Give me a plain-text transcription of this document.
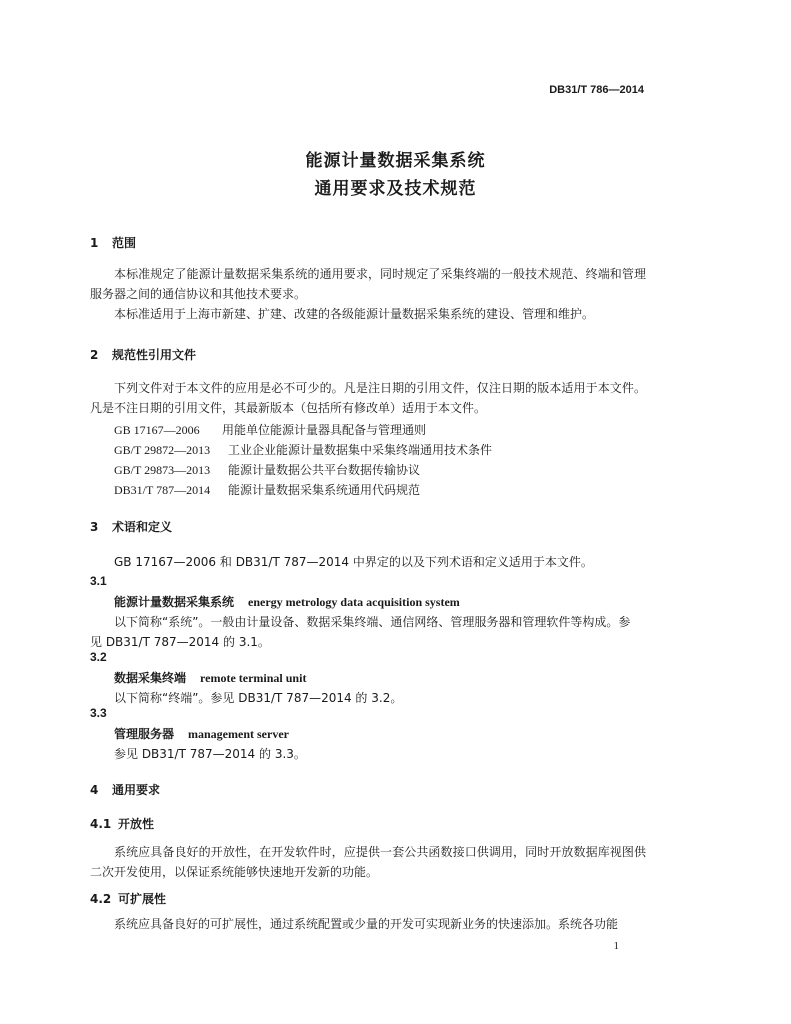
DB31/T 786—2014
能源计量数据采集系统
通用要求及技术规范
1 范围
本标准规定了能源计量数据采集系统的通用要求，同时规定了采集终端的一般技术规范、终端和管理服务器之间的通信协议和其他技术要求。
本标准适用于上海市新建、扩建、改建的各级能源计量数据采集系统的建设、管理和维护。
2 规范性引用文件
下列文件对于本文件的应用是必不可少的。凡是注日期的引用文件，仅注日期的版本适用于本文件。凡是不注日期的引用文件，其最新版本（包括所有修改单）适用于本文件。
GB 17167—2006 用能单位能源计量器具配备与管理通则
GB/T 29872—2013 工业企业能源计量数据集中采集终端通用技术条件
GB/T 29873—2013 能源计量数据公共平台数据传输协议
DB31/T 787—2014 能源计量数据采集系统通用代码规范
3 术语和定义
GB 17167—2006 和 DB31/T 787—2014 中界定的以及下列术语和定义适用于本文件。
3.1
能源计量数据采集系统 energy metrology data acquisition system
以下简称“系统”。一般由计量设备、数据采集终端、通信网络、管理服务器和管理软件等构成。参
见 DB31/T 787—2014 的 3.1。
3.2
数据采集终端 remote terminal unit
以下简称“终端”。参见 DB31/T 787—2014 的 3.2。
3.3
管理服务器 management server
参见 DB31/T 787—2014 的 3.3。
4 通用要求
4.1 开放性
系统应具备良好的开放性，在开发软件时，应提供一套公共函数接口供调用，同时开放数据库视图供二次开发使用，以保证系统能够快速地开发新的功能。
4.2 可扩展性
系统应具备良好的可扩展性，通过系统配置或少量的开发可实现新业务的快速添加。系统各功能
1
